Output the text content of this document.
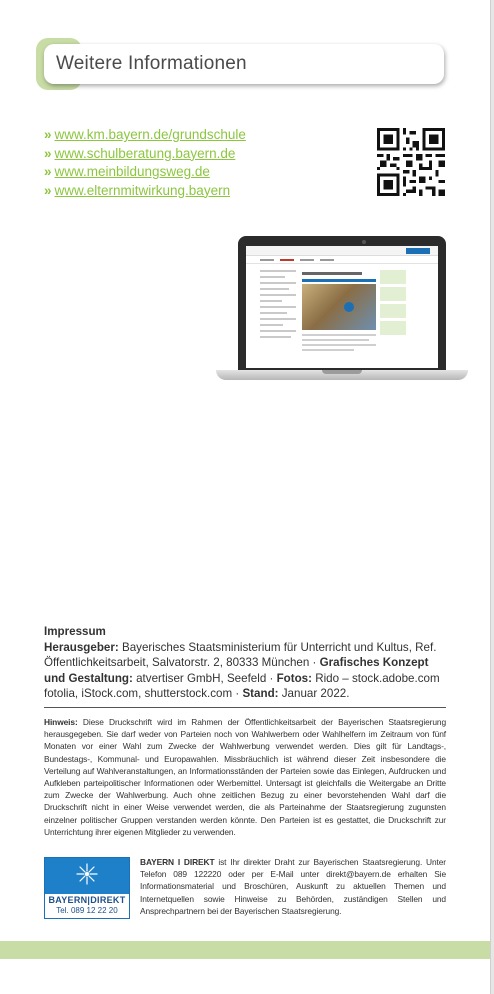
Weitere Informationen
» www.km.bayern.de/grundschule
» www.schulberatung.bayern.de
» www.meinbildungsweg.de
» www.elternmitwirkung.bayern
Impressum
Herausgeber: Bayerisches Staatsministerium für Unterricht und Kultus, Ref. Öffentlichkeitsarbeit, Salvatorstr. 2, 80333 München · Grafisches Konzept und Gestaltung: atvertiser GmbH, Seefeld · Fotos: Rido – stock.adobe.com fotolia, iStock.com, shutterstock.com · Stand: Januar 2022.
Hinweis: Diese Druckschrift wird im Rahmen der Öffentlichkeitsarbeit der Bayerischen Staatsregierung herausgegeben. Sie darf weder von Parteien noch von Wahlwerbern oder Wahlhelfern im Zeitraum von fünf Monaten vor einer Wahl zum Zwecke der Wahlwerbung verwendet werden. Dies gilt für Landtags-, Bundestags-, Kommunal- und Europawahlen. Missbräuchlich ist während dieser Zeit insbesondere die Verteilung auf Wahlveranstaltungen, an Informationsständen der Parteien sowie das Einlegen, Aufdrucken und Aufkleben parteipolitischer Informationen oder Werbemittel. Untersagt ist gleichfalls die Weitergabe an Dritte zum Zwecke der Wahlwerbung. Auch ohne zeitlichen Bezug zu einer bevorstehenden Wahl darf die Druckschrift nicht in einer Weise verwendet werden, die als Parteinahme der Staatsregierung zugunsten einzelner politischer Gruppen verstanden werden könnte. Den Parteien ist es gestattet, die Druckschrift zur Unterrichtung ihrer eigenen Mitglieder zu verwenden.
BAYERN|DIREKT
Tel. 089 12 22 20
BAYERN I DIREKT ist Ihr direkter Draht zur Bayerischen Staatsregierung. Unter Telefon 089 122220 oder per E-Mail unter direkt@bayern.de erhalten Sie Informationsmaterial und Broschüren, Auskunft zu aktuellen Themen und Internetquellen sowie Hinweise zu Behörden, zuständigen Stellen und Ansprechpartnern bei der Bayerischen Staatsregierung.
